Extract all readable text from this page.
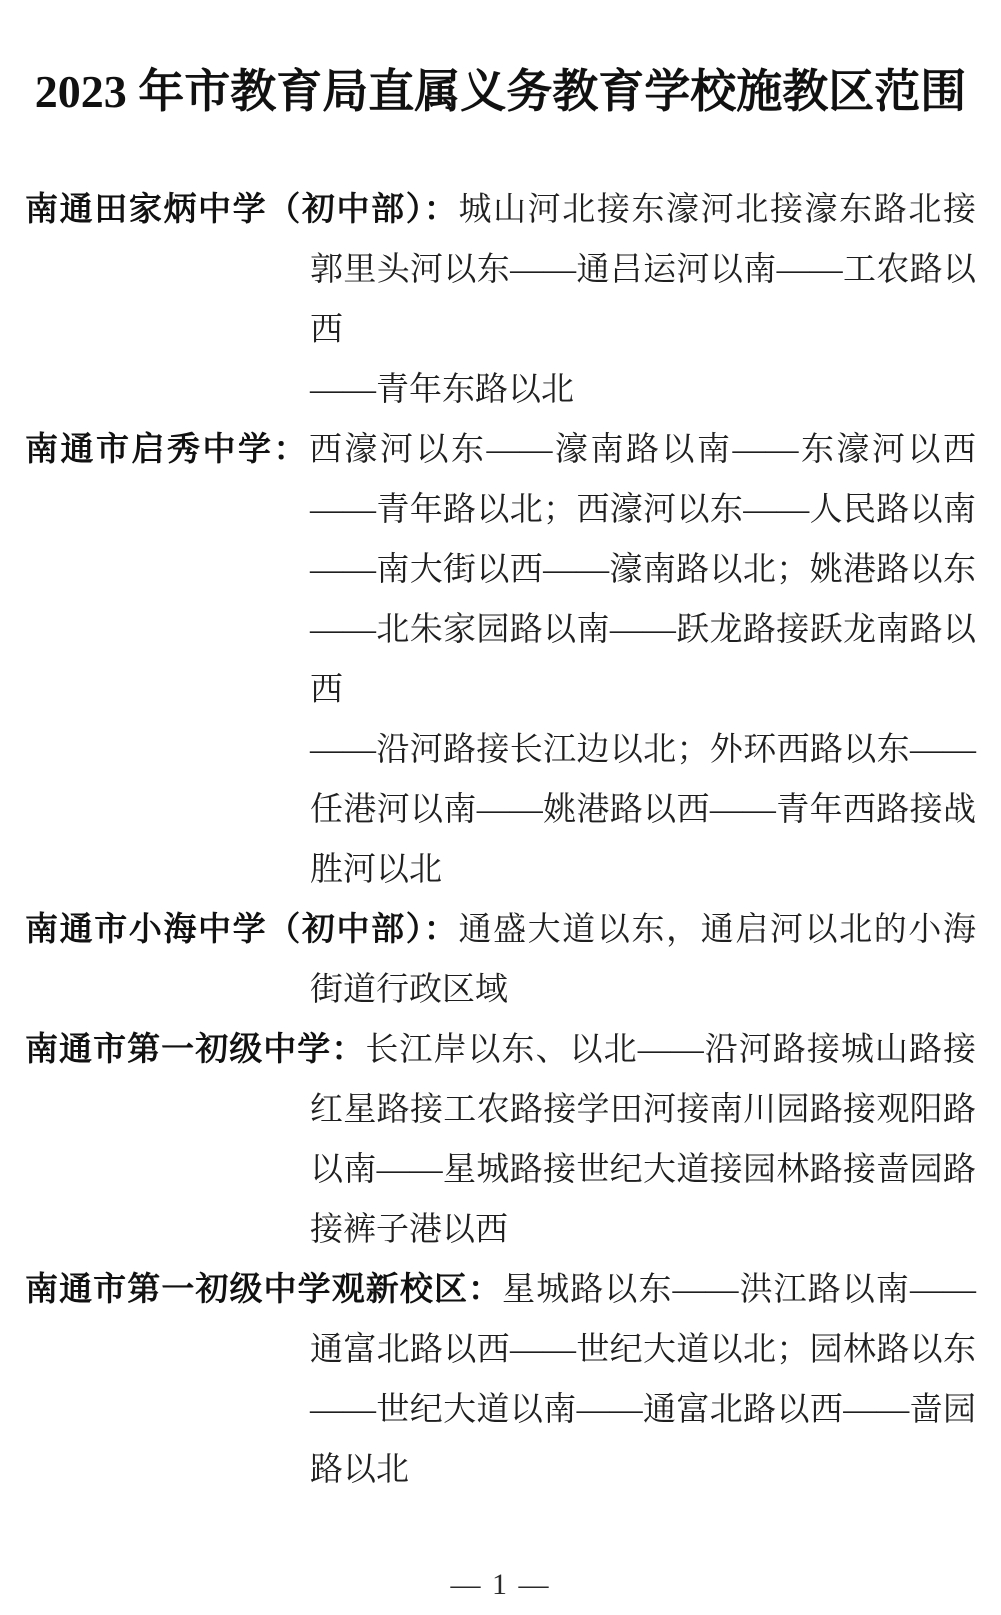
2023 年市教育局直属义务教育学校施教区范围
南通田家炳中学（初中部）：城山河北接东濠河北接濠东路北接
郭里头河以东——通吕运河以南——工农路以西
——青年东路以北
南通市启秀中学：西濠河以东——濠南路以南——东濠河以西
——青年路以北；西濠河以东——人民路以南
——南大街以西——濠南路以北；姚港路以东
——北朱家园路以南——跃龙路接跃龙南路以西
——沿河路接长江边以北；外环西路以东——
任港河以南——姚港路以西——青年西路接战
胜河以北
南通市小海中学（初中部）：通盛大道以东，通启河以北的小海
街道行政区域
南通市第一初级中学：长江岸以东、以北——沿河路接城山路接
红星路接工农路接学田河接南川园路接观阳路
以南——星城路接世纪大道接园林路接啬园路
接裤子港以西
南通市第一初级中学观新校区：星城路以东——洪江路以南——
通富北路以西——世纪大道以北；园林路以东
——世纪大道以南——通富北路以西——啬园
路以北
— 1 —
